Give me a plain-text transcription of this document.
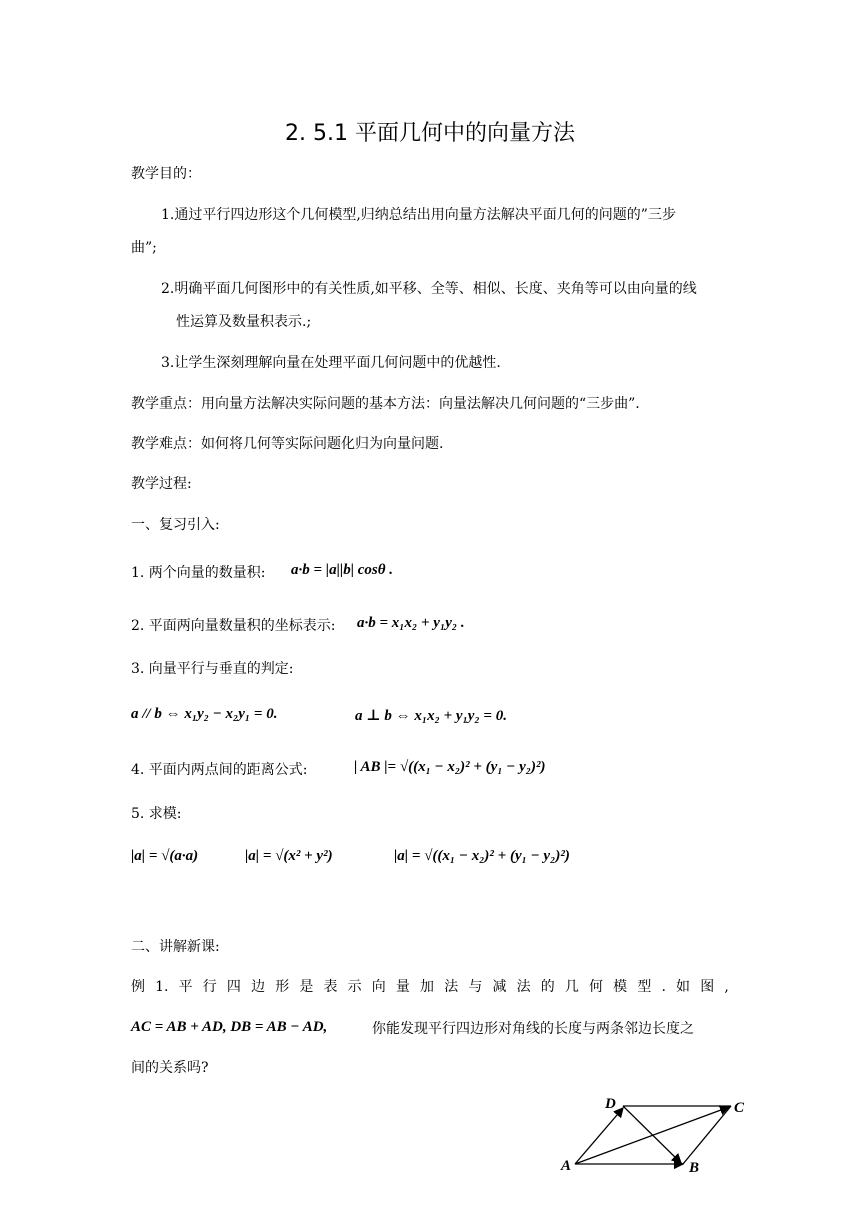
2. 5.1 平面几何中的向量方法
教学目的：
1.通过平行四边形这个几何模型,归纳总结出用向量方法解决平面几何的问题的”三步
曲”;
2.明确平面几何图形中的有关性质,如平移、全等、相似、长度、夹角等可以由向量的线
性运算及数量积表示.;
3.让学生深刻理解向量在处理平面几何问题中的优越性.
教学重点：用向量方法解决实际问题的基本方法：向量法解决几何问题的“三步曲”.
教学难点：如何将几何等实际问题化归为向量问题.
教学过程:
一、复习引入:
1. 两个向量的数量积: a·b = |a||b| cosθ .
2. 平面两向量数量积的坐标表示: a·b = x₁x₂ + y₁y₂ .
3. 向量平行与垂直的判定:
a // b ⇔ x₁y₂ − x₂y₁ = 0.	a ⊥ b ⇔ x₁x₂ + y₁y₂ = 0.
4. 平面内两点间的距离公式:	| AB |= √((x₁ − x₂)² + (y₁ − y₂)²)
5. 求模:
|a| = √(a·a)	|a| = √(x² + y²)	|a| = √((x₁ − x₂)² + (y₁ − y₂)²)
二、讲解新课:
例 1. 平 行 四 边 形 是 表 示 向 量 加 法 与 减 法 的 几 何 模 型 . 如 图 ,
AC = AB + AD, DB = AB − AD,	你能发现平行四边形对角线的长度与两条邻边长度之
间的关系吗?
A	B
C
D
